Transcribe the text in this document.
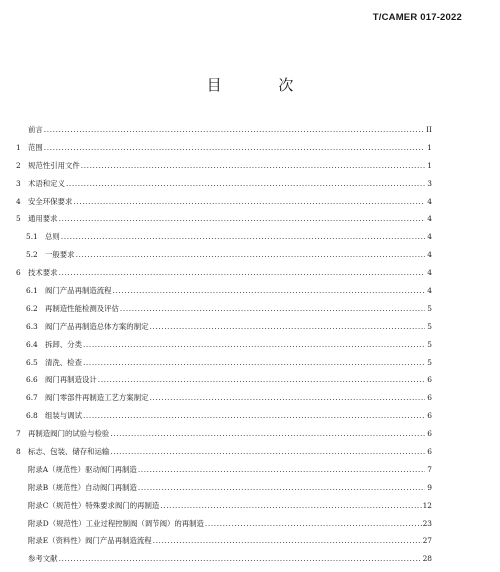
T/CAMER 017-2022
目 次
前言 .....	II
1 范围 .....	1
2 规范性引用文件 .....	1
3 术语和定义 .....	3
4 安全环保要求 .....	4
5 通用要求 .....	4
5.1 总则 .....	4
5.2 一般要求 .....	4
6 技术要求 .....	4
6.1 阀门产品再制造流程 .....	4
6.2 再制造性能检测及评估 .....	5
6.3 阀门产品再制造总体方案的制定 .....	5
6.4 拆卸、分类 .....	5
6.5 清洗、检查 .....	5
6.6 阀门再制造设计 .....	6
6.7 阀门零部件再制造工艺方案制定 .....	6
6.8 组装与调试 .....	6
7 再制造阀门的试验与检验 .....	6
8 标志、包装、储存和运输 .....	6
附录A（规范性）驱动阀门再制造 .....	7
附录B（规范性）自动阀门再制造 .....	9
附录C（规范性）特殊要求阀门的再制造 .....	12
附录D（规范性）工业过程控制阀（调节阀）的再制造 .....	23
附录E（资料性）阀门产品再制造流程 .....	27
参考文献 .....	28
